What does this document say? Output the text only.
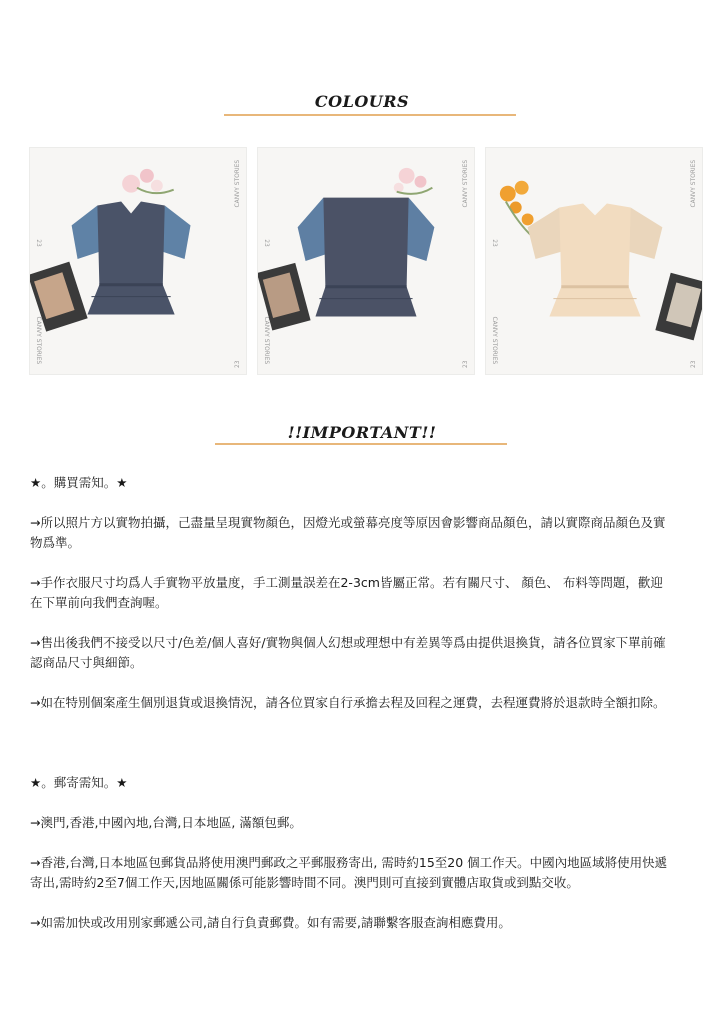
COLOURS
CANVY STORIES
23
CANVY STORIES
23
CANVY STORIES
23
CANVY STORIES
23
CANVY STORIES
23
CANVY STORIES
23
!!IMPORTANT!!

★。購買需知。★

→所以照片方以實物拍攝，己盡量呈現實物顏色，因燈光或螢幕亮度等原因會影響商品顏色，請以實際商品顏色及實物爲準。

→手作衣服尺寸均爲人手實物平放量度，手工測量誤差在2-3cm皆屬正常。若有關尺寸、 顏色、 布料等問題，歡迎在下單前向我們查詢喔。

→售出後我們不接受以尺寸/色差/個人喜好/實物與個人幻想或理想中有差異等爲由提供退換貨，請各位買家下單前確認商品尺寸與細節。

→如在特別個案產生個別退貨或退換情況，請各位買家自行承擔去程及回程之運費，去程運費將於退款時全額扣除。

★。郵寄需知。★

→澳門,香港,中國內地,台灣,日本地區, 滿額包郵。

→香港,台灣,日本地區包郵貨品將使用澳門郵政之平郵服務寄出, 需時約15至20 個工作天。中國內地區域將使用快遞寄出,需時約2至7個工作天,因地區關係可能影響時間不同。澳門則可直接到實體店取貨或到點交收。

→如需加快或改用別家郵遞公司,請自行負責郵費。如有需要,請聯繫客服查詢相應費用。
